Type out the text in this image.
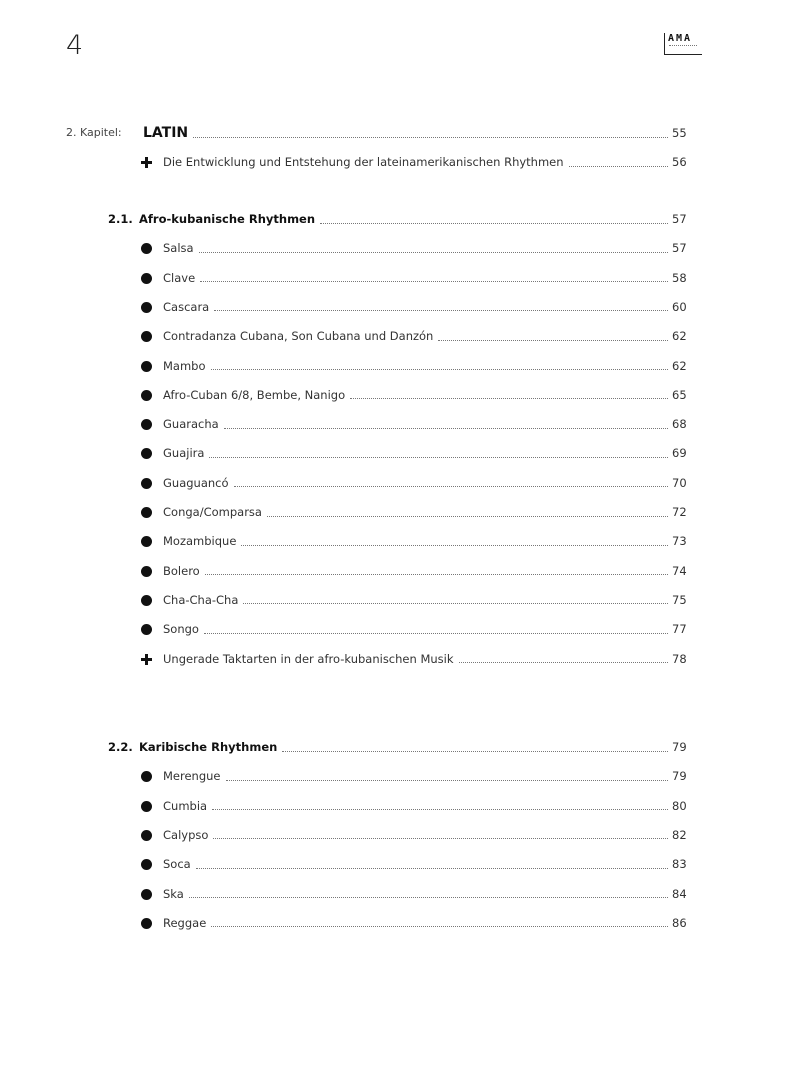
4	AMA
2. Kapitel: LATIN	55
Die Entwicklung und Entstehung der lateinamerikanischen Rhythmen	56
2.1. Afro-kubanische Rhythmen	57
Salsa	57
Clave	58
Cascara	60
Contradanza Cubana, Son Cubana und Danzón	62
Mambo	62
Afro-Cuban 6/8, Bembe, Nanigo	65
Guaracha	68
Guajira	69
Guaguancó	70
Conga/Comparsa	72
Mozambique	73
Bolero	74
Cha-Cha-Cha	75
Songo	77
Ungerade Taktarten in der afro-kubanischen Musik	78
2.2. Karibische Rhythmen	79
Merengue	79
Cumbia	80
Calypso	82
Soca	83
Ska	84
Reggae	86
